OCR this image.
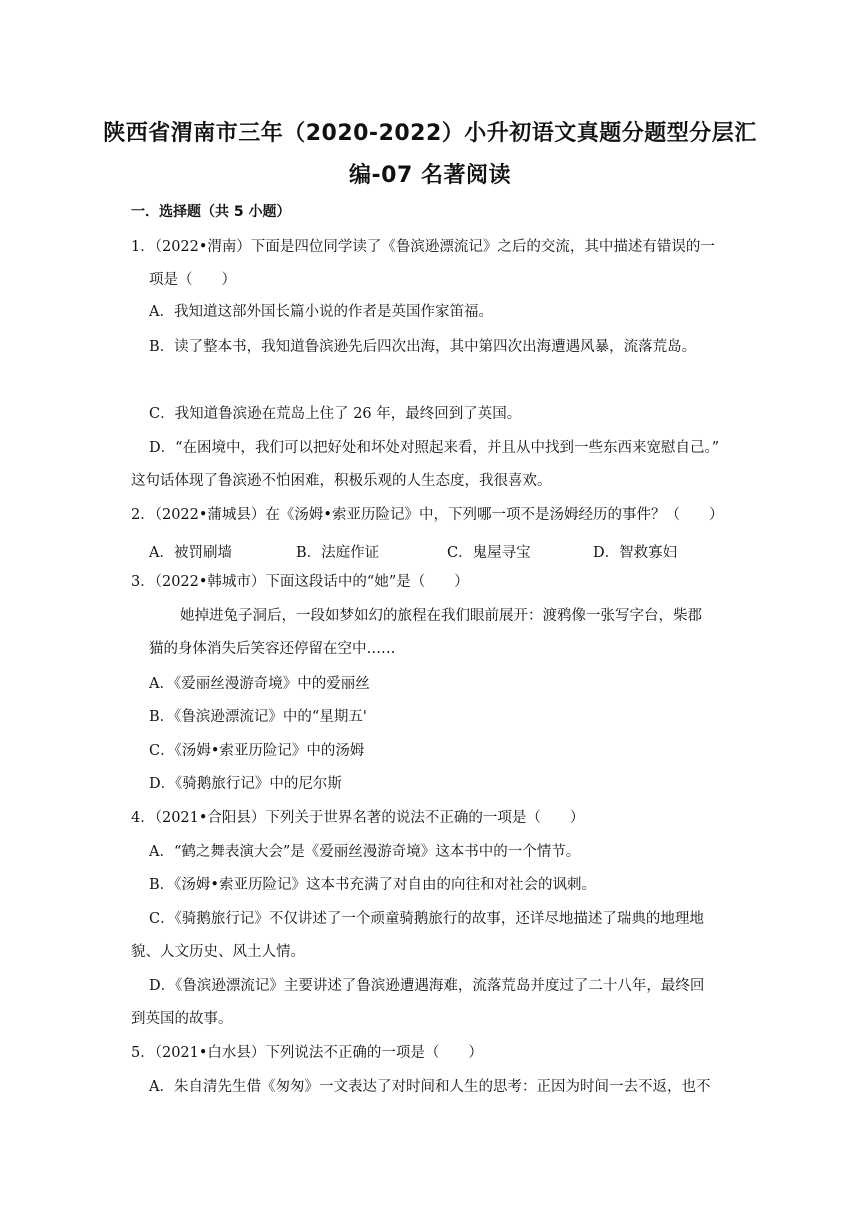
陕西省渭南市三年（2020-2022）小升初语文真题分题型分层汇
编-07 名著阅读
一．选择题（共 5 小题）
1．（2022•渭南）下面是四位同学读了《鲁滨逊漂流记》之后的交流，其中描述有错误的一
项是（　　）
A．我知道这部外国长篇小说的作者是英国作家笛福。
B．读了整本书，我知道鲁滨逊先后四次出海，其中第四次出海遭遇风暴，流落荒岛。
C．我知道鲁滨逊在荒岛上住了 26 年，最终回到了英国。
D．“在困境中，我们可以把好处和坏处对照起来看，并且从中找到一些东西来宽慰自己。”
这句话体现了鲁滨逊不怕困难，积极乐观的人生态度，我很喜欢。
2．（2022•蒲城县）在《汤姆•索亚历险记》中，下列哪一项不是汤姆经历的事件？（　　）
A．被罚刷墙	B．法庭作证	C．鬼屋寻宝	D．智救寡妇
3．（2022•韩城市）下面这段话中的“她”是（　　）
她掉进兔子洞后，一段如梦如幻的旅程在我们眼前展开：渡鸦像一张写字台，柴郡
猫的身体消失后笑容还停留在空中……
A．《爱丽丝漫游奇境》中的爱丽丝
B．《鲁滨逊漂流记》中的“星期五'
C．《汤姆•索亚历险记》中的汤姆
D．《骑鹅旅行记》中的尼尔斯
4．（2021•合阳县）下列关于世界名著的说法不正确的一项是（　　）
A．“鹤之舞表演大会”是《爱丽丝漫游奇境》这本书中的一个情节。
B．《汤姆•索亚历险记》这本书充满了对自由的向往和对社会的讽刺。
C．《骑鹅旅行记》不仅讲述了一个顽童骑鹅旅行的故事，还详尽地描述了瑞典的地理地
貌、人文历史、风土人情。
D．《鲁滨逊漂流记》主要讲述了鲁滨逊遭遇海难，流落荒岛并度过了二十八年，最终回
到英国的故事。
5．（2021•白水县）下列说法不正确的一项是（　　）
A．朱自清先生借《匆匆》一文表达了对时间和人生的思考：正因为时间一去不返，也不
